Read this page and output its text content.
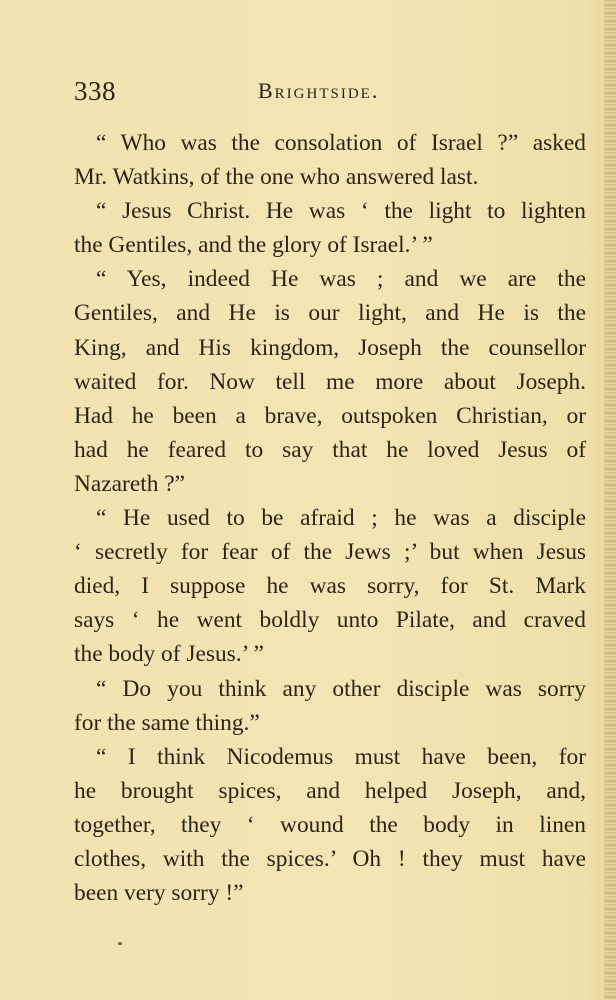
338	Brightside.
“ Who was the consolation of Israel ?” asked
Mr. Watkins, of the one who answered last.
“ Jesus Christ. He was ‘ the light to lighten
the Gentiles, and the glory of Israel.’ ”
“ Yes, indeed He was ; and we are the
Gentiles, and He is our light, and He is the
King, and His kingdom, Joseph the counsellor
waited for. Now tell me more about Joseph.
Had he been a brave, outspoken Christian, or
had he feared to say that he loved Jesus of
Nazareth ?”
“ He used to be afraid ; he was a disciple
‘ secretly for fear of the Jews ;’ but when Jesus
died, I suppose he was sorry, for St. Mark
says ‘ he went boldly unto Pilate, and craved
the body of Jesus.’ ”
“ Do you think any other disciple was sorry
for the same thing.”
“ I think Nicodemus must have been, for
he brought spices, and helped Joseph, and,
together, they ‘ wound the body in linen
clothes, with the spices.’ Oh ! they must have
been very sorry !”
